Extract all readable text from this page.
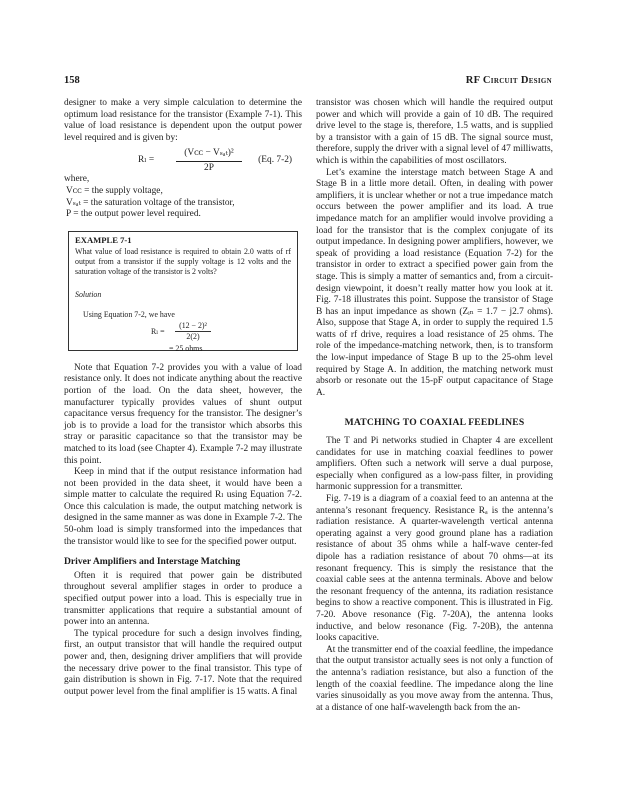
158	RF Circuit Design

designer to make a very simple calculation to determine the optimum load resistance for the transistor (Example 7-1). This value of load resistance is dependent upon the output power level required and is given by:

Rₗ =
(Vᴄᴄ − Vₛₐₜ)²
2P
(Eq. 7-2)

where,

Vᴄᴄ = the supply voltage,
Vₛₐₜ = the saturation voltage of the transistor,
P = the output power level required.
EXAMPLE 7-1

What value of load resistance is required to obtain 2.0 watts of rf output from a transistor if the supply voltage is 12 volts and the saturation voltage of the transistor is 2 volts?

Solution
Using Equation 7-2, we have
$R_l = \frac{\text{(12 − 2)²}}{2(2)}$
= 25 ohms

Note that Equation 7-2 provides you with a value of load resistance only. It does not indicate anything about the reactive portion of the load. On the data sheet, however, the manufacturer typically provides values of shunt output capacitance versus frequency for the transistor. The designer’s job is to provide a load for the transistor which absorbs this stray or parasitic capacitance so that the transistor may be matched to its load (see Chapter 4). Example 7-2 may illustrate this point.

Keep in mind that if the output resistance information had not been provided in the data sheet, it would have been a simple matter to calculate the required Rₗ using Equation 7-2. Once this calculation is made, the output matching network is designed in the same manner as was done in Example 7-2. The 50-ohm load is simply transformed into the impedances that the transistor would like to see for the specified power output.

Driver Amplifiers and Interstage Matching

Often it is required that power gain be distributed throughout several amplifier stages in order to produce a specified output power into a load. This is especially true in transmitter applications that require a substantial amount of power into an antenna.

The typical procedure for such a design involves finding, first, an output transistor that will handle the required output power and, then, designing driver amplifiers that will provide the necessary drive power to the final transistor. This type of gain distribution is shown in Fig. 7-17. Note that the required output power level from the final amplifier is 15 watts. A final

transistor was chosen which will handle the required output power and which will provide a gain of 10 dB. The required drive level to the stage is, therefore, 1.5 watts, and is supplied by a transistor with a gain of 15 dB. The signal source must, therefore, supply the driver with a signal level of 47 milliwatts, which is within the capabilities of most oscillators.

Let’s examine the interstage match between Stage A and Stage B in a little more detail. Often, in dealing with power amplifiers, it is unclear whether or not a true impedance match occurs between the power amplifier and its load. A true impedance match for an amplifier would involve providing a load for the transistor that is the complex conjugate of its output impedance. In designing power amplifiers, however, we speak of providing a load resistance (Equation 7-2) for the transistor in order to extract a specified power gain from the stage. This is simply a matter of semantics and, from a circuit-design viewpoint, it doesn’t really matter how you look at it. Fig. 7-18 illustrates this point. Suppose the transistor of Stage B has an input impedance as shown (Zᵢₙ = 1.7 − j2.7 ohms). Also, suppose that Stage A, in order to supply the required 1.5 watts of rf drive, requires a load resistance of 25 ohms. The role of the impedance-matching network, then, is to transform the low-input impedance of Stage B up to the 25-ohm level required by Stage A. In addition, the matching network must absorb or resonate out the 15-pF output capacitance of Stage A.

MATCHING TO COAXIAL FEEDLINES

The T and Pi networks studied in Chapter 4 are excellent candidates for use in matching coaxial feedlines to power amplifiers. Often such a network will serve a dual purpose, especially when configured as a low-pass filter, in providing harmonic suppression for a transmitter.

Fig. 7-19 is a diagram of a coaxial feed to an antenna at the antenna’s resonant frequency. Resistance Rₐ is the antenna’s radiation resistance. A quarter-wavelength vertical antenna operating against a very good ground plane has a radiation resistance of about 35 ohms while a half-wave center-fed dipole has a radiation resistance of about 70 ohms—at its resonant frequency. This is simply the resistance that the coaxial cable sees at the antenna terminals. Above and below the resonant frequency of the antenna, its radiation resistance begins to show a reactive component. This is illustrated in Fig. 7-20. Above resonance (Fig. 7-20A), the antenna looks inductive, and below resonance (Fig. 7-20B), the antenna looks capacitive.

At the transmitter end of the coaxial feedline, the impedance that the output transistor actually sees is not only a function of the antenna’s radiation resistance, but also a function of the length of the coaxial feedline. The impedance along the line varies sinusoidally as you move away from the antenna. Thus, at a distance of one half-wavelength back from the an-
